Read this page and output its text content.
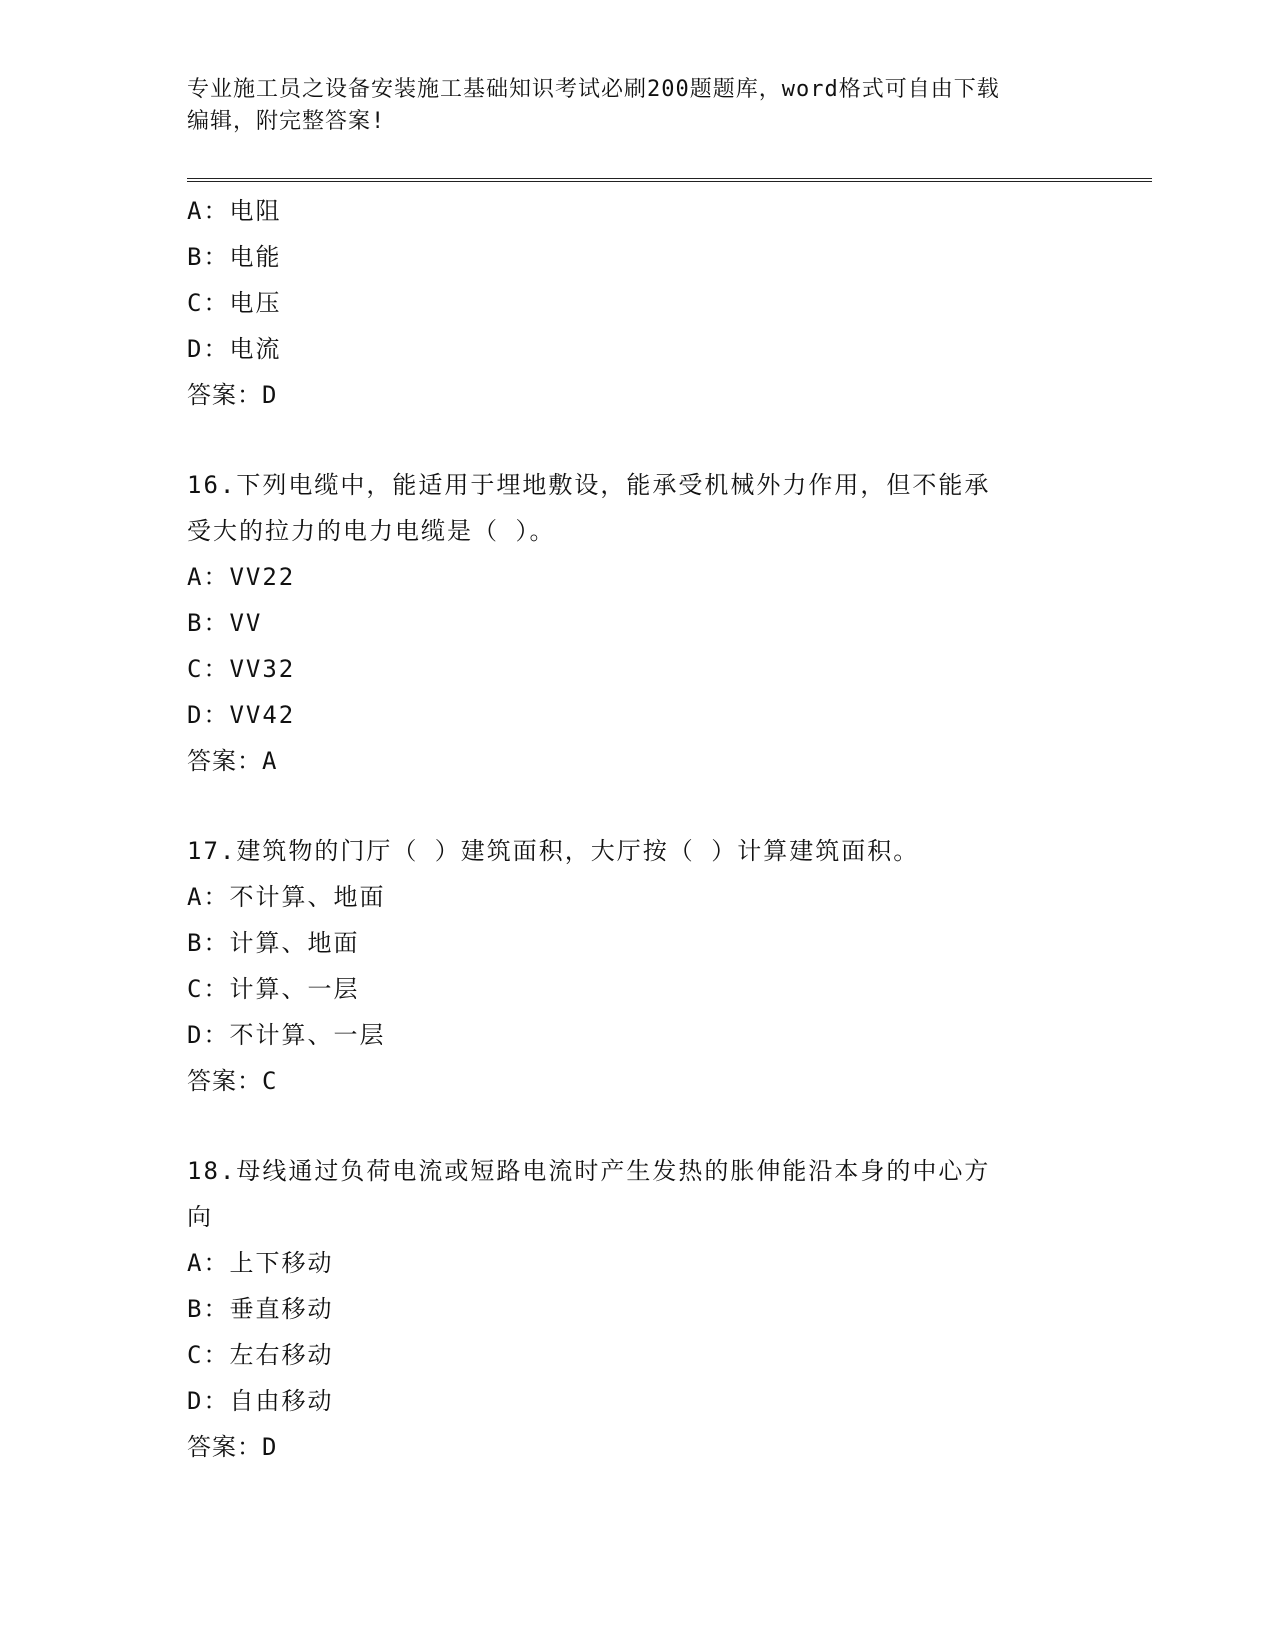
专业施工员之设备安装施工基础知识考试必刷200题题库，word格式可自由下载
编辑，附完整答案!
A：电阻
B：电能
C：电压
D：电流
答案：D
16.下列电缆中，能适用于埋地敷设，能承受机械外力作用，但不能承
受大的拉力的电力电缆是（ ）。
A：VV22
B：VV
C：VV32
D：VV42
答案：A
17.建筑物的门厅（ ）建筑面积，大厅按（ ）计算建筑面积。
A：不计算、地面
B：计算、地面
C：计算、一层
D：不计算、一层
答案：C
18.母线通过负荷电流或短路电流时产生发热的胀伸能沿本身的中心方
向
A：上下移动
B：垂直移动
C：左右移动
D：自由移动
答案：D
